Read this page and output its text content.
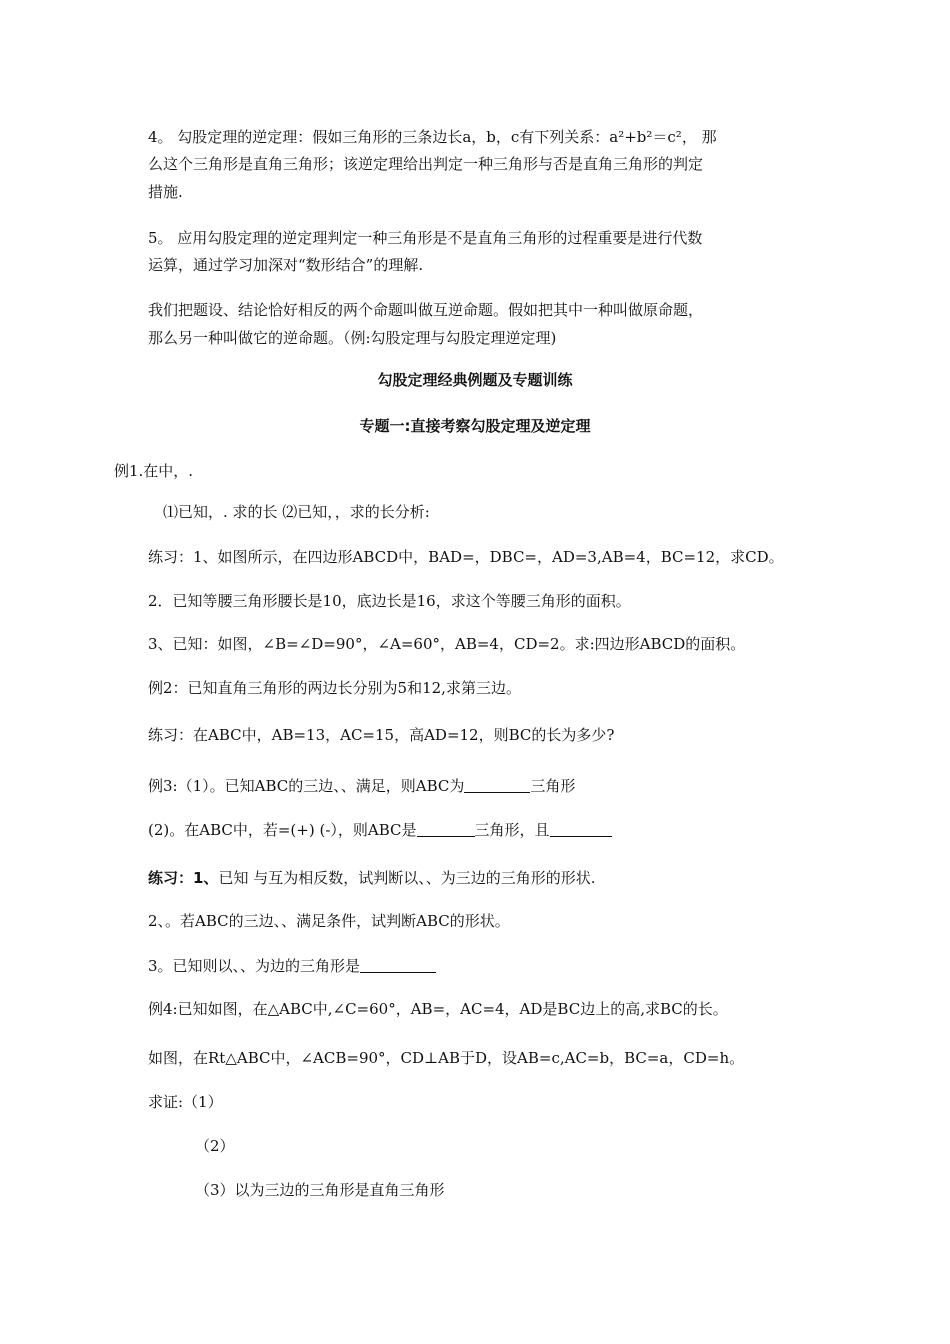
4。 勾股定理的逆定理：假如三角形的三条边长a，b，c有下列关系：a²+b²＝c²， 那
么这个三角形是直角三角形；该逆定理给出判定一种三角形与否是直角三角形的判定
措施.
5。 应用勾股定理的逆定理判定一种三角形是不是直角三角形的过程重要是进行代数
运算，通过学习加深对“数形结合”的理解.
我们把题设、结论恰好相反的两个命题叫做互逆命题。假如把其中一种叫做原命题，
那么另一种叫做它的逆命题。（例:勾股定理与勾股定理逆定理)
勾股定理经典例题及专题训练
专题一:直接考察勾股定理及逆定理
例1.在中，.
⑴已知，. 求的长 ⑵已知，，求的长分析:
练习：1、如图所示，在四边形ABCD中，BAD=，DBC=，AD=3,AB=4，BC=12，求CD。
2．已知等腰三角形腰长是10，底边长是16，求这个等腰三角形的面积。
3、已知：如图，∠B=∠D=90°，∠A=60°，AB=4，CD=2。求:四边形ABCD的面积。
例2：已知直角三角形的两边长分别为5和12,求第三边。
练习：在ABC中，AB=13，AC=15，高AD=12，则BC的长为多少?
例3:（1）。已知ABC的三边、、满足，则ABC为	三角形
(2)。在ABC中，若=(+) (-），则ABC是	三角形，且
练习：1、已知 与互为相反数，试判断以、、为三边的三角形的形状.
2、。若ABC的三边、、满足条件，试判断ABC的形状。
3。已知则以、、为边的三角形是
例4:已知如图，在△ABC中,∠C=60°，AB=，AC=4，AD是BC边上的高,求BC的长。
如图，在Rt△ABC中，∠ACB=90°，CD⊥AB于D，设AB=c,AC=b，BC=a，CD=h。
求证:（1）
（2）
（3）以为三边的三角形是直角三角形
